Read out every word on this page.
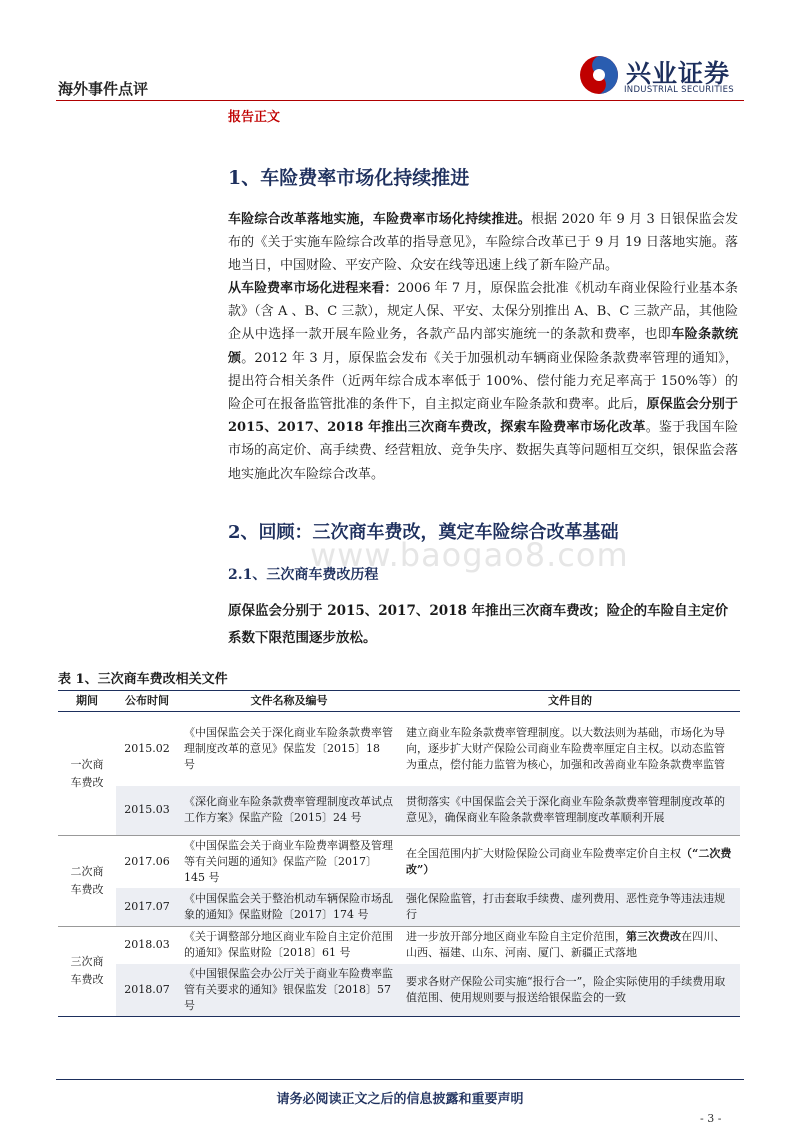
海外事件点评
兴业证券
INDUSTRIAL SECURITIES
报告正文
1、车险费率市场化持续推进
车险综合改革落地实施，车险费率市场化持续推进。根据 2020 年 9 月 3 日银保监会发布的《关于实施车险综合改革的指导意见》，车险综合改革已于 9 月 19 日落地实施。落地当日，中国财险、平安产险、众安在线等迅速上线了新车险产品。
从车险费率市场化进程来看：2006 年 7 月，原保监会批准《机动车商业保险行业基本条款》（含 A 、B、C 三款），规定人保、平安、太保分别推出 A、B、C 三款产品，其他险企从中选择一款开展车险业务，各款产品内部实施统一的条款和费率，也即车险条款统颁。2012 年 3 月，原保监会发布《关于加强机动车辆商业保险条款费率管理的通知》，提出符合相关条件（近两年综合成本率低于 100%、偿付能力充足率高于 150%等）的险企可在报备监管批准的条件下，自主拟定商业车险条款和费率。此后，原保监会分别于 2015、2017、2018 年推出三次商车费改，探索车险费率市场化改革。鉴于我国车险市场的高定价、高手续费、经营粗放、竞争失序、数据失真等问题相互交织，银保监会落地实施此次车险综合改革。
www.baogao8.com
2、回顾：三次商车费改，奠定车险综合改革基础
2.1、三次商车费改历程
原保监会分别于 2015、2017、2018 年推出三次商车费改；险企的车险自主定价系数下限范围逐步放松。
表 1、三次商车费改相关文件
期间	公布时间	文件名称及编号	文件目的
一次商车费改	2015.02	《中国保监会关于深化商业车险条款费率管理制度改革的意见》保监发〔2015〕18 号	建立商业车险条款费率管理制度。以大数法则为基础，市场化为导向，逐步扩大财产保险公司商业车险费率厘定自主权。以动态监管为重点，偿付能力监管为核心，加强和改善商业车险条款费率监管
	2015.03	《深化商业车险条款费率管理制度改革试点工作方案》保监产险〔2015〕24 号	贯彻落实《中国保监会关于深化商业车险条款费率管理制度改革的意见》，确保商业车险条款费率管理制度改革顺利开展
二次商车费改	2017.06	《中国保监会关于商业车险费率调整及管理等有关问题的通知》保监产险〔2017〕145 号	在全国范围内扩大财险保险公司商业车险费率定价自主权（“二次费改”）
	2017.07	《中国保监会关于整治机动车辆保险市场乱象的通知》保监财险〔2017〕174 号	强化保险监管，打击套取手续费、虚列费用、恶性竞争等违法违规行
三次商车费改	2018.03	《关于调整部分地区商业车险自主定价范围的通知》保监财险〔2018〕61 号	进一步放开部分地区商业车险自主定价范围，第三次费改在四川、山西、福建、山东、河南、厦门、新疆正式落地
	2018.07	《中国银保监会办公厅关于商业车险费率监管有关要求的通知》银保监发〔2018〕57 号	要求各财产保险公司实施“报行合一”，险企实际使用的手续费用取值范围、使用规则要与报送给银保监会的一致
请务必阅读正文之后的信息披露和重要声明
- 3 -
